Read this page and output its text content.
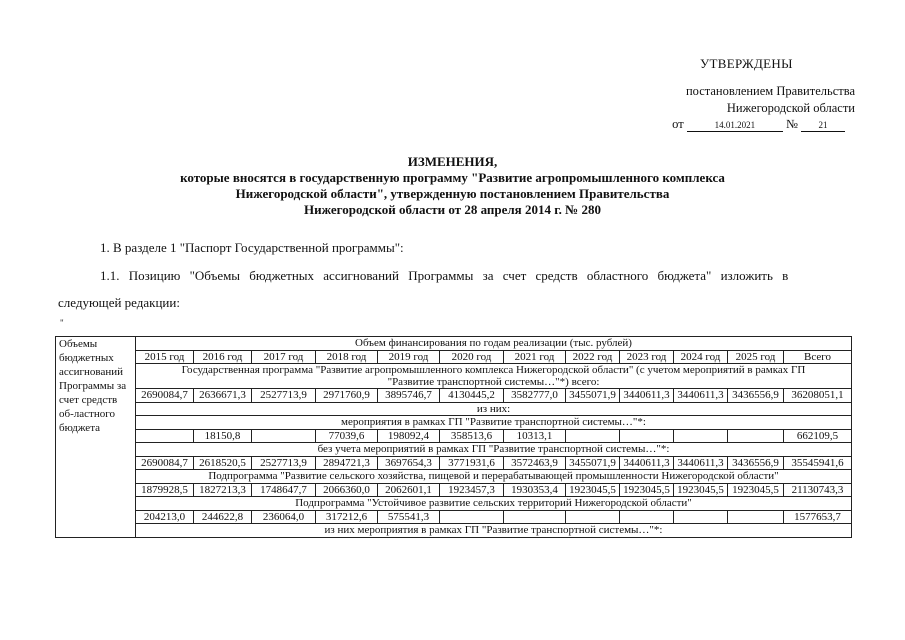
УТВЕРЖДЕНЫ
постановлением Правительства
Нижегородской области
от	14.01.2021 № 21
ИЗМЕНЕНИЯ,
которые вносятся в государственную программу "Развитие агропромышленного комплекса
Нижегородской области", утвержденную постановлением Правительства
Нижегородской области от 28 апреля 2014 г. № 280
1. В разделе 1 "Паспорт Государственной программы":
1.1. Позицию "Объемы бюджетных ассигнований Программы за счет средств областного бюджета" изложить в
следующей редакции:
"
Объемы бюджетных ассигнований Программы за счет средств об-ластного бюджета	Объем финансирования по годам реализации (тыс. рублей)											
	2015 год	2016 год	2017 год	2018 год	2019 год	2020 год	2021 год	2022 год	2023 год	2024 год	2025 год	Всего

	Государственная программа "Развитие агропромышленного комплекса Нижегородской области" (с учетом мероприятий в рамках ГП
"Развитие транспортной системы…"*) всего:											

	2690084,7	2636671,3	2527713,9	2971760,9	3895746,7	4130445,2	3582777,0	3455071,9	3440611,3	3440611,3	3436556,9	36208051,1
	из них:											
	мероприятия в рамках ГП "Развитие транспортной системы…"*:											
		18150,8		77039,6	198092,4	358513,6	10313,1					662109,5
	без учета мероприятий в рамках ГП "Развитие транспортной системы…"*:											
	2690084,7	2618520,5	2527713,9	2894721,3	3697654,3	3771931,6	3572463,9	3455071,9	3440611,3	3440611,3	3436556,9	35545941,6
	Подпрограмма "Развитие сельского хозяйства, пищевой и перерабатывающей промышленности Нижегородской области"											
	1879928,5	1827213,3	1748647,7	2066360,0	2062601,1	1923457,3	1930353,4	1923045,5	1923045,5	1923045,5	1923045,5	21130743,3
	Подпрограмма "Устойчивое развитие сельских территорий Нижегородской области"											
	204213,0	244622,8	236064,0	317212,6	575541,3							1577653,7
	из них мероприятия в рамках ГП "Развитие транспортной системы…"*:											
